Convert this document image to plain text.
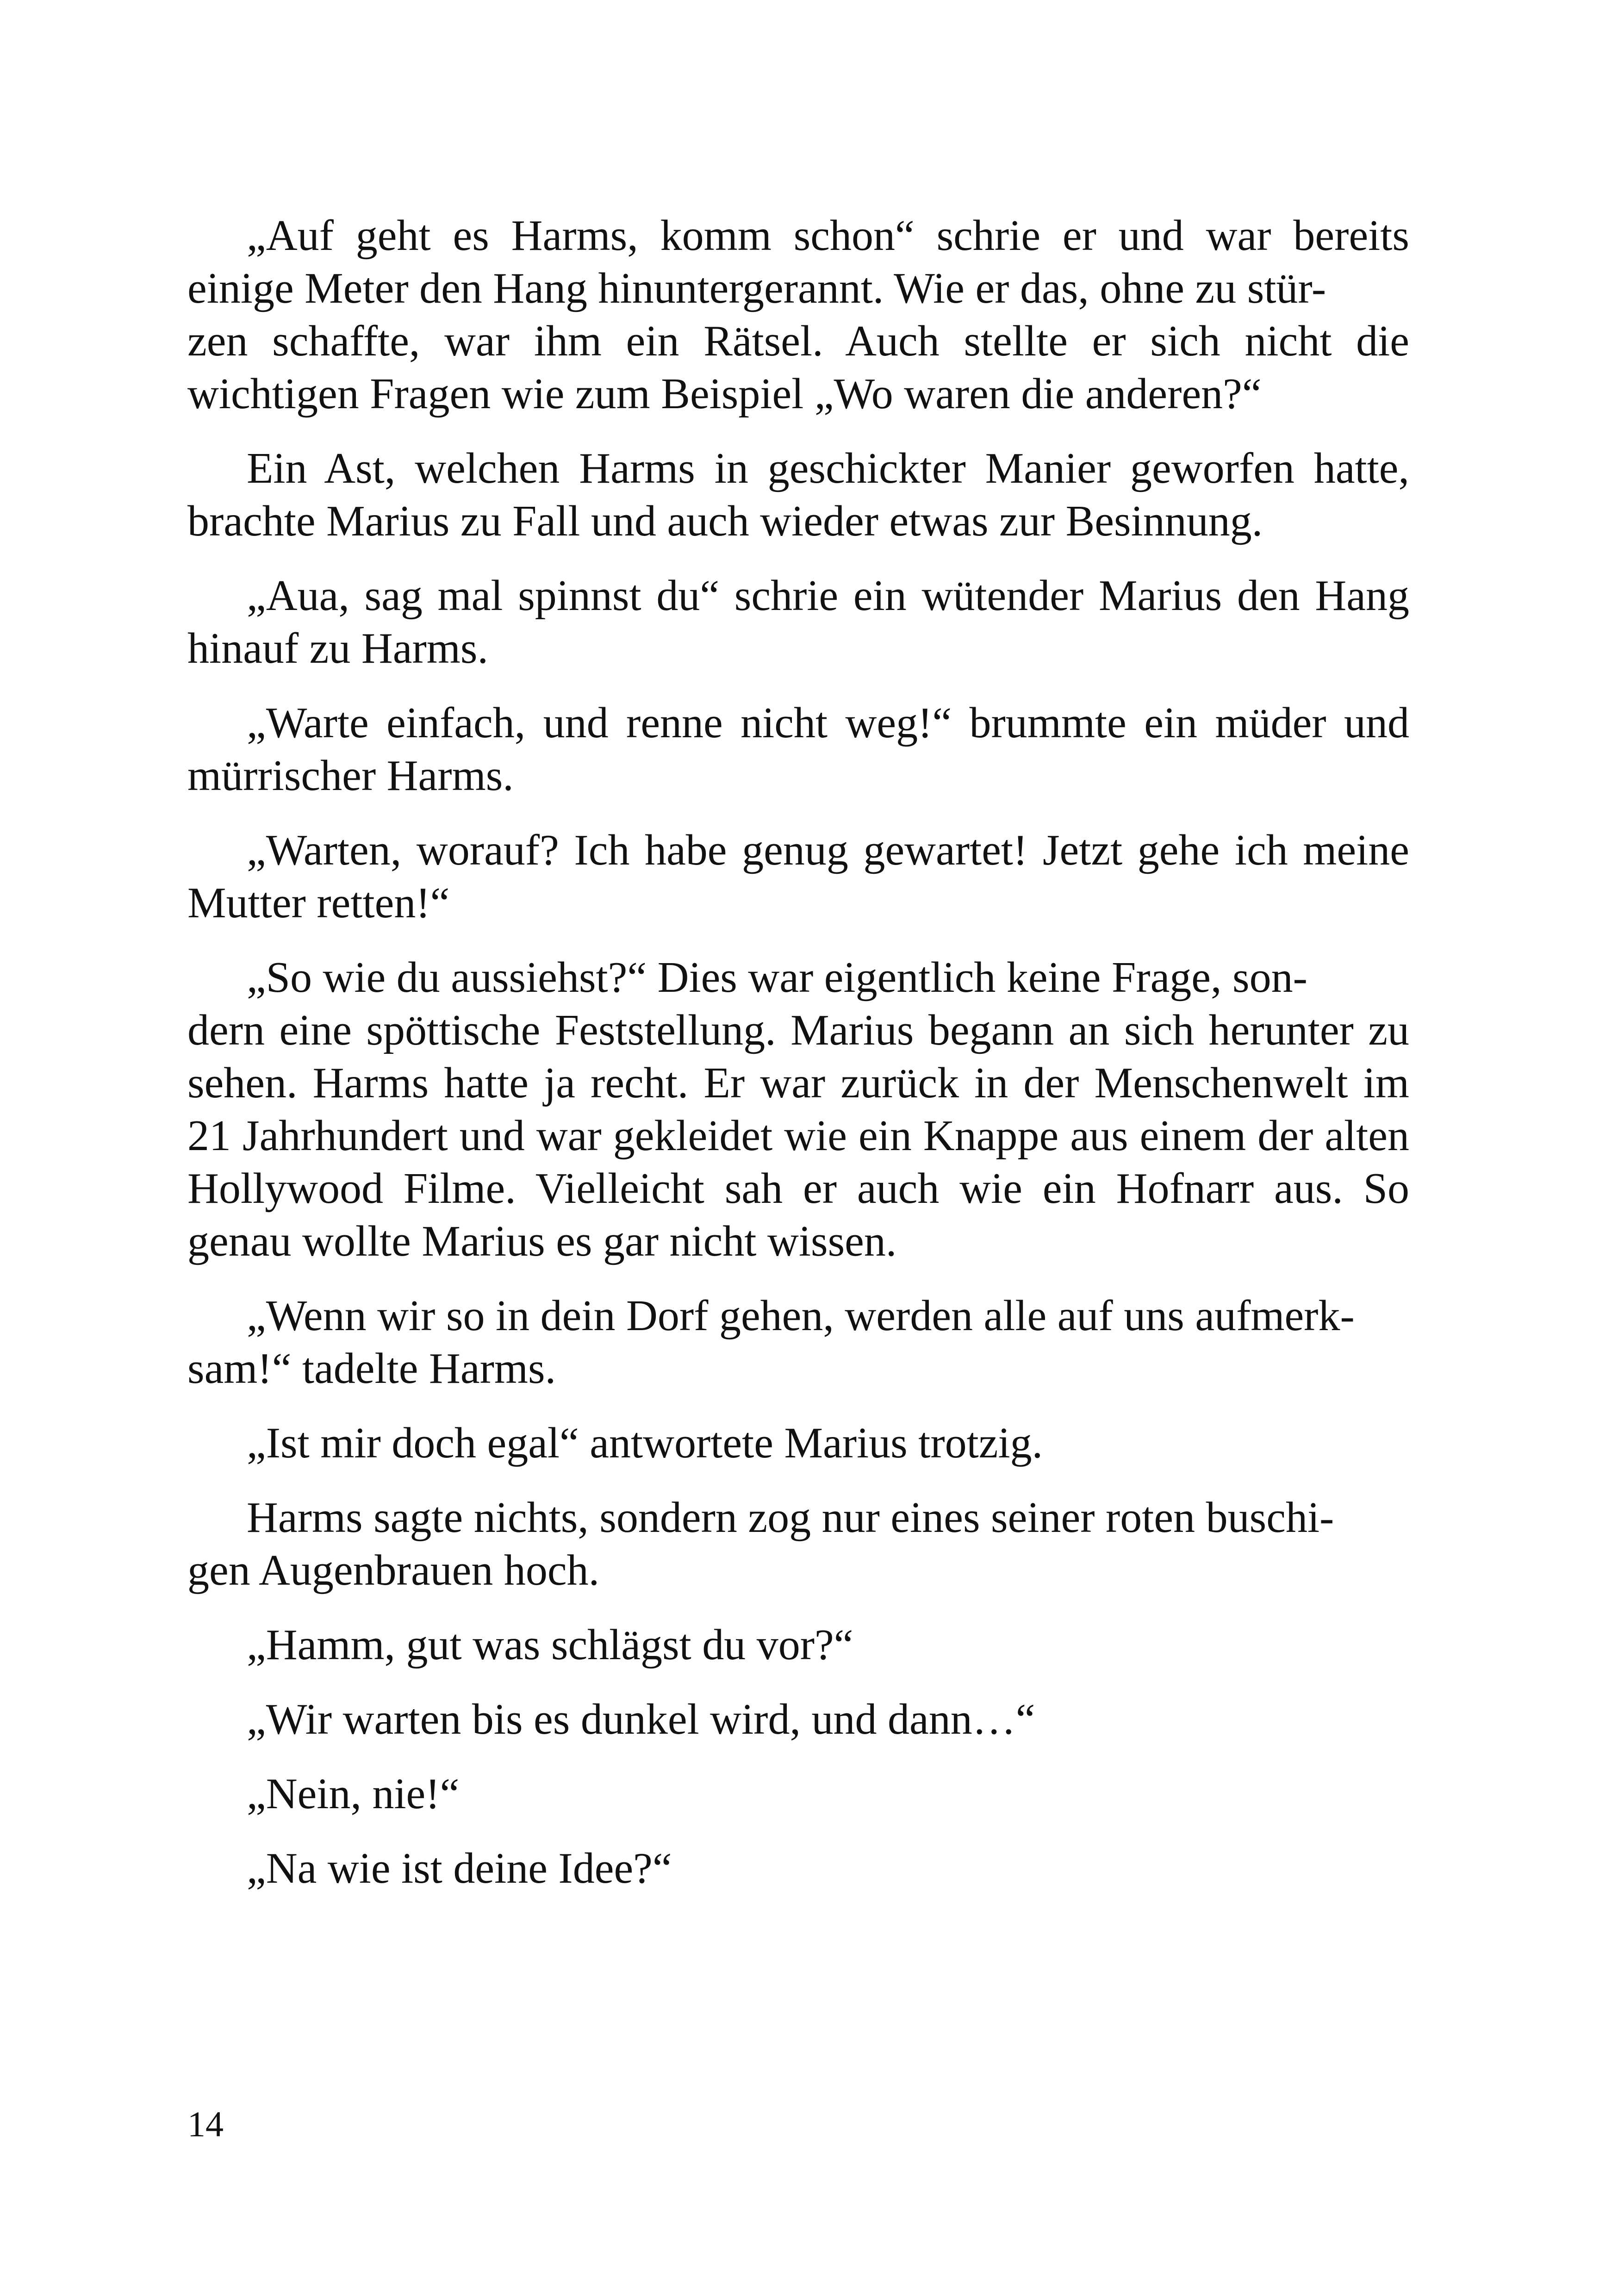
„Auf geht es Harms, komm schon“ schrie er und war bereits einige Meter den Hang hinuntergerannt. Wie er das, ohne zu stür-
zen schaffte, war ihm ein Rätsel. Auch stellte er sich nicht die wichtigen Fragen wie zum Beispiel „Wo waren die anderen?“

Ein Ast, welchen Harms in geschickter Manier geworfen hatte, brachte Marius zu Fall und auch wieder etwas zur Besinnung.

„Aua, sag mal spinnst du“ schrie ein wütender Marius den Hang hinauf zu Harms.

„Warte einfach, und renne nicht weg!“ brummte ein müder und mürrischer Harms.

„Warten, worauf? Ich habe genug gewartet! Jetzt gehe ich meine Mutter retten!“

„So wie du aussiehst?“ Dies war eigentlich keine Frage, son-
dern eine spöttische Feststellung. Marius begann an sich herunter zu sehen. Harms hatte ja recht. Er war zurück in der Menschenwelt im 21 Jahrhundert und war gekleidet wie ein Knappe aus einem der alten Hollywood Filme. Vielleicht sah er auch wie ein Hofnarr aus. So genau wollte Marius es gar nicht wissen.

„Wenn wir so in dein Dorf gehen, werden alle auf uns aufmerk-
sam!“ tadelte Harms.

„Ist mir doch egal“ antwortete Marius trotzig.

Harms sagte nichts, sondern zog nur eines seiner roten buschi-
gen Augenbrauen hoch.

„Hamm, gut was schlägst du vor?“

„Wir warten bis es dunkel wird, und dann…“

„Nein, nie!“

„Na wie ist deine Idee?“

14
